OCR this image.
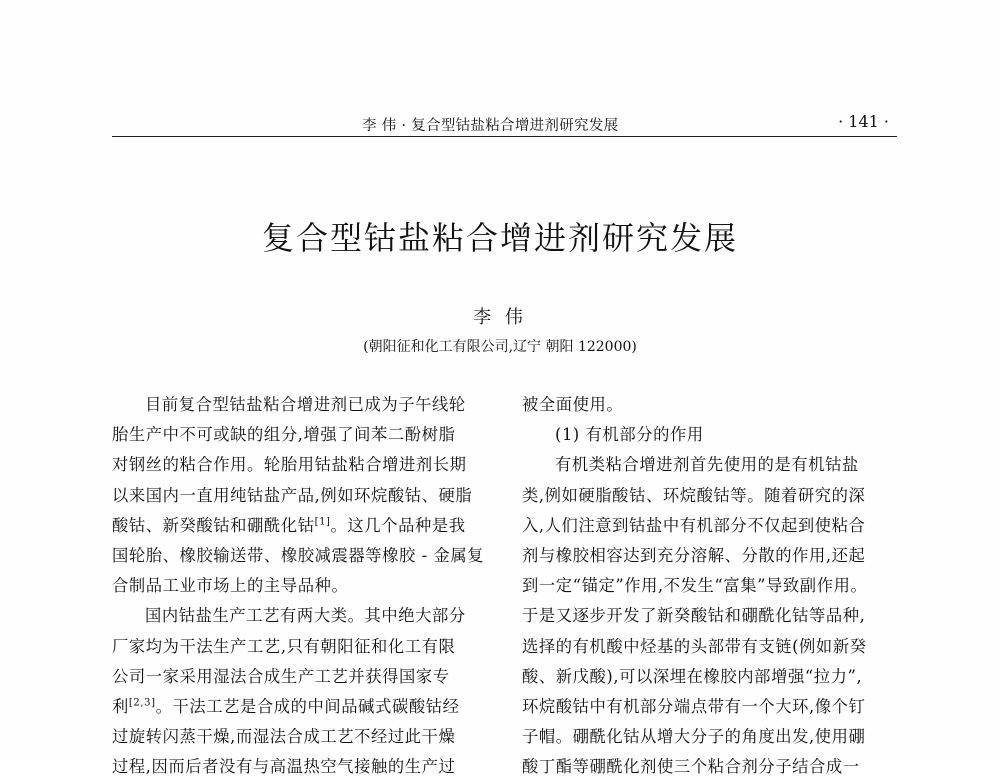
李 伟 · 复合型钴盐粘合增进剂研究发展	· 141 ·
复合型钴盐粘合增进剂研究发展
李 伟
(朝阳征和化工有限公司,辽宁 朝阳 122000)
目前复合型钴盐粘合增进剂已成为子午线轮
胎生产中不可或缺的组分,增强了间苯二酚树脂
对钢丝的粘合作用。轮胎用钴盐粘合增进剂长期
以来国内一直用纯钴盐产品,例如环烷酸钴、硬脂
酸钴、新癸酸钴和硼酰化钴[1]。这几个品种是我
国轮胎、橡胶输送带、橡胶减震器等橡胶 - 金属复
合制品工业市场上的主导品种。
国内钴盐生产工艺有两大类。其中绝大部分
厂家均为干法生产工艺,只有朝阳征和化工有限
公司一家采用湿法合成生产工艺并获得国家专
利[2,3]。干法工艺是合成的中间品碱式碳酸钴经
过旋转闪蒸干燥,而湿法合成工艺不经过此干燥
过程,因而后者没有与高温热空气接触的生产过
被全面使用。
(1) 有机部分的作用
有机类粘合增进剂首先使用的是有机钴盐
类,例如硬脂酸钴、环烷酸钴等。随着研究的深
入,人们注意到钴盐中有机部分不仅起到使粘合
剂与橡胶相容达到充分溶解、分散的作用,还起
到一定“锚定”作用,不发生“富集”导致副作用。
于是又逐步开发了新癸酸钴和硼酰化钴等品种,
选择的有机酸中烃基的头部带有支链(例如新癸
酸、新戊酸),可以深埋在橡胶内部增强“拉力”,
环烷酸钴中有机部分端点带有一个大环,像个钉
子帽。硼酰化钴从增大分子的角度出发,使用硼
酸丁酯等硼酰化剂使三个粘合剂分子结合成一
